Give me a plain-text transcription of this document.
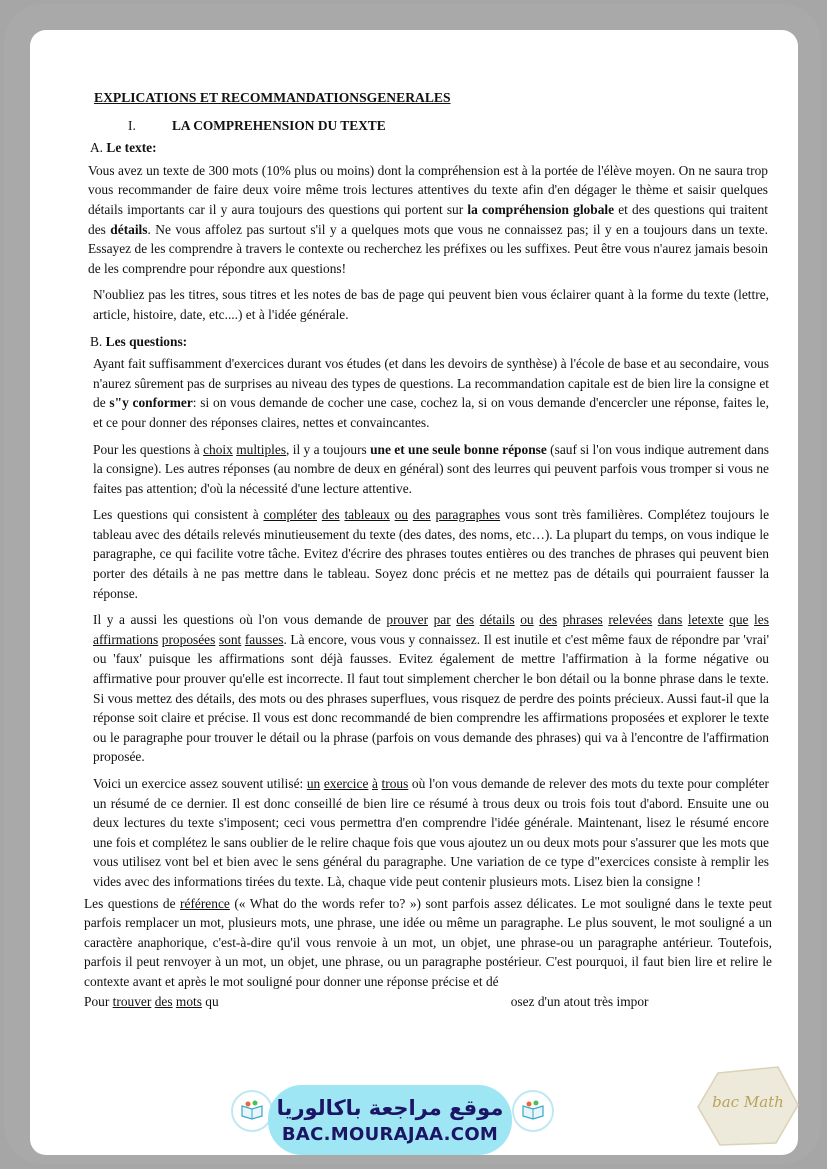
EXPLICATIONS ET RECOMMANDATIONSGENERALES
I.	LA COMPREHENSION DU TEXTE
A. Le texte:

Vous avez un texte de 300 mots (10% plus ou moins) dont la compréhension est à la portée de l'élève moyen. On ne saura trop vous recommander de faire deux voire même trois lectures attentives du texte afin d'en dégager le thème et saisir quelques détails importants car il y aura toujours des questions qui portent sur la compréhension globale et des questions qui traitent des détails. Ne vous affolez pas surtout s'il y a quelques mots que vous ne connaissez pas; il y en a toujours dans un texte. Essayez de les comprendre à travers le contexte ou recherchez les préfixes ou les suffixes. Peut être vous n'aurez jamais besoin de les comprendre pour répondre aux questions!

N'oubliez pas les titres, sous titres et les notes de bas de page qui peuvent bien vous éclairer quant à la forme du texte (lettre, article, histoire, date, etc....) et à l'idée générale.

B. Les questions:

Ayant fait suffisamment d'exercices durant vos études (et dans les devoirs de synthèse) à l'école de base et au secondaire, vous n'aurez sûrement pas de surprises au niveau des types de questions. La recommandation capitale est de bien lire la consigne et de s"y conformer: si on vous demande de cocher une case, cochez la, si on vous demande d'encercler une réponse, faites le, et ce pour donner des réponses claires, nettes et convaincantes.

Pour les questions à choix multiples, il y a toujours une et une seule bonne réponse (sauf si l'on vous indique autrement dans la consigne). Les autres réponses (au nombre de deux en général) sont des leurres qui peuvent parfois vous tromper si vous ne faites pas attention; d'où la nécessité d'une lecture attentive.

Les questions qui consistent à compléter des tableaux ou des paragraphes vous sont très familières. Complétez toujours le tableau avec des détails relevés minutieusement du texte (des dates, des noms, etc…). La plupart du temps, on vous indique le paragraphe, ce qui facilite votre tâche. Evitez d'écrire des phrases toutes entières ou des tranches de phrases qui peuvent bien porter des détails à ne pas mettre dans le tableau. Soyez donc précis et ne mettez pas de détails qui pourraient fausser la réponse.

Il y a aussi les questions où l'on vous demande de prouver par des détails ou des phrases relevées dans letexte que les affirmations proposées sont fausses. Là encore, vous vous y connaissez. Il est inutile et c'est même faux de répondre par 'vrai' ou 'faux' puisque les affirmations sont déjà fausses. Evitez également de mettre l'affirmation à la forme négative ou affirmative pour prouver qu'elle est incorrecte. Il faut tout simplement chercher le bon détail ou la bonne phrase dans le texte. Si vous mettez des détails, des mots ou des phrases superflues, vous risquez de perdre des points précieux. Aussi faut-il que la réponse soit claire et précise. Il vous est donc recommandé de bien comprendre les affirmations proposées et explorer le texte ou le paragraphe pour trouver le détail ou la phrase (parfois on vous demande des phrases) qui va à l'encontre de l'affirmation proposée.

Voici un exercice assez souvent utilisé: un exercice à trous où l'on vous demande de relever des mots du texte pour compléter un résumé de ce dernier. Il est donc conseillé de bien lire ce résumé à trous deux ou trois fois tout d'abord. Ensuite une ou deux lectures du texte s'imposent; ceci vous permettra d'en comprendre l'idée générale. Maintenant, lisez le résumé encore une fois et complétez le sans oublier de le relire chaque fois que vous ajoutez un ou deux mots pour s'assurer que les mots que vous utilisez vont bel et bien avec le sens général du paragraphe. Une variation de ce type d"exercices consiste à remplir les vides avec des informations tirées du texte. Là, chaque vide peut contenir plusieurs mots. Lisez bien la consigne !

Les questions de référence (« What do the words refer to? ») sont parfois assez délicates. Le mot souligné dans le texte peut parfois remplacer un mot, plusieurs mots, une phrase, une idée ou même un paragraphe. Le plus souvent, le mot souligné a un caractère anaphorique, c'est-à-dire qu'il vous renvoie à un mot, un objet, une phrase-ou un paragraphe antérieur. Toutefois, parfois il peut renvoyer à un mot, un objet, une phrase, ou un paragraphe postérieur. C'est pourquoi, il faut bien lire et relire le contexte avant et après le mot souligné pour donner une réponse précise et dé

Pour trouver des mots qu	osez d'un atout très impor

موقع مراجعة باكالوريا
BAC.MOURAJAA.COM
bac Math
